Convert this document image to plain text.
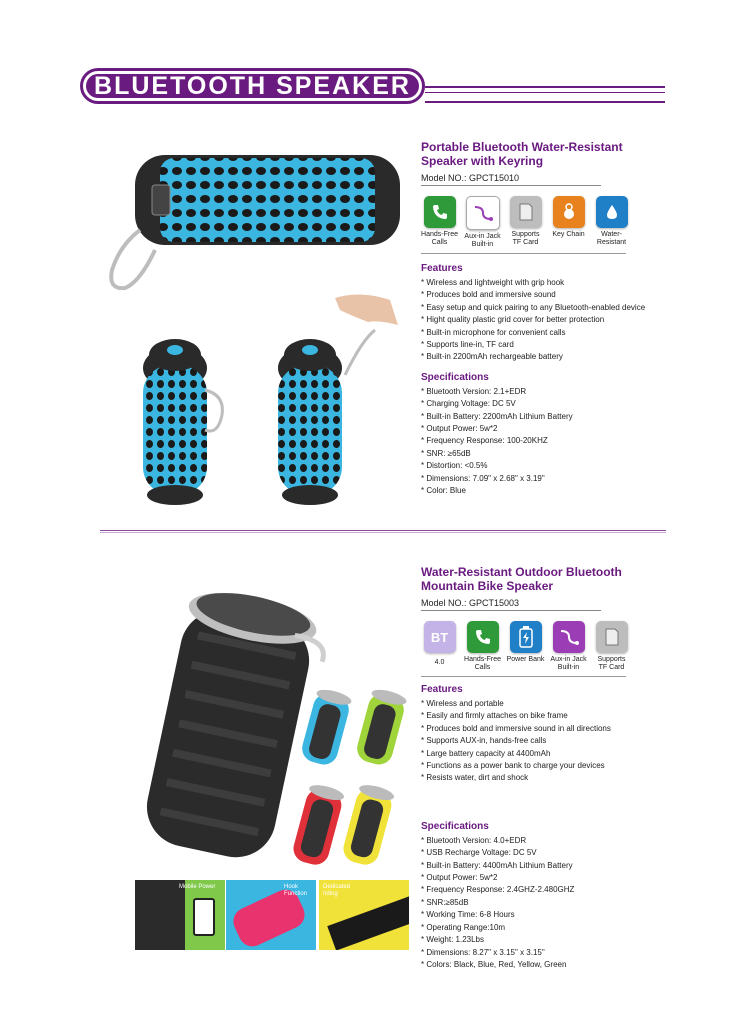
BLUETOOTH SPEAKER
Portable Bluetooth Water-Resistant
Speaker with Keyring
Model NO.: GPCT15010
Hands-Free
Calls
Aux-in Jack
Built-in
Supports
TF Card
Key Chain	Water-
Resistant
Features
* Wireless and lightweight with grip hook
* Produces bold and immersive sound
* Easy setup and quick pairing to any Bluetooth-enabled device
* Hight quality plastic grid cover for better protection
* Built-in microphone for convenient calls
* Supports line-in, TF card
* Built-in 2200mAh rechargeable battery
Specifications
* Bluetooth Version: 2.1+EDR
* Charging Voltage: DC 5V
* Built-in Battery: 2200mAh Lithium Battery
* Output Power: 5w*2
* Frequency Response: 100-20KHZ
* SNR: ≥65dB
* Distortion: <0.5%
* Dimensions: 7.09" x 2.68" x 3.19"
* Color: Blue
Mobile Power	Hook
Function
Dedicated
riding
Water-Resistant Outdoor Bluetooth
Mountain Bike Speaker
Model NO.: GPCT15003
BT
4.0	Hands-Free
Calls
Power Bank Aux-in Jack
Built-in
Supports
TF Card
Features
* Wireless and portable
* Easily and firmly attaches on bike frame
* Produces bold and immersive sound in all directions
* Supports AUX-in, hands-free calls
* Large battery capacity at 4400mAh
* Functions as a power bank to charge your devices
* Resists water, dirt and shock
Specifications
* Bluetooth Version: 4.0+EDR
* USB Recharge Voltage: DC 5V
* Built-in Battery: 4400mAh Lithium Battery
* Output Power: 5w*2
* Frequency Response: 2.4GHZ-2.480GHZ
* SNR:≥85dB
* Working Time: 6-8 Hours
* Operating Range:10m
* Weight: 1.23Lbs
* Dimensions: 8.27" x 3.15" x 3.15"
* Colors: Black, Blue, Red, Yellow, Green
